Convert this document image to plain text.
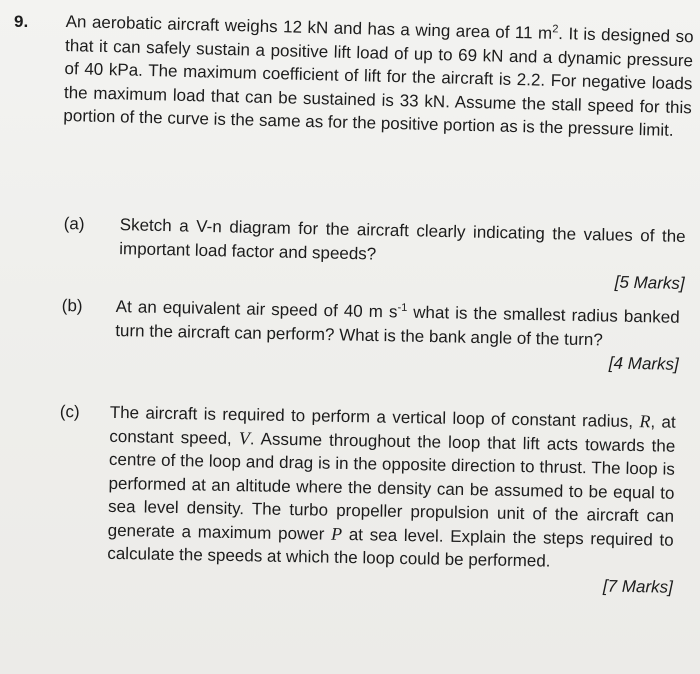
9. An aerobatic aircraft weighs 12 kN and has a wing area of 11 $m^2$. It is designed so that it can safely sustain a positive lift load of up to 69 kN and a dynamic pressure of 40 kPa. The maximum coefficient of lift for the aircraft is 2.2. For negative loads the maximum load that can be sustained is 33 kN. Assume the stall speed for this portion of the curve is the same as for the positive portion as is the pressure limit.
(a) Sketch a V-n diagram for the aircraft clearly indicating the values of the important load factor and speeds?
[5 Marks]
(b) At an equivalent air speed of 40 m $s^{-1}$ what is the smallest radius banked turn the aircraft can perform? What is the bank angle of the turn?
[4 Marks]
(c) The aircraft is required to perform a vertical loop of constant radius, R, at constant speed, V. Assume throughout the loop that lift acts towards the centre of the loop and drag is in the opposite direction to thrust. The loop is performed at an altitude where the density can be assumed to be equal to sea level density. The turbo propeller propulsion unit of the aircraft can generate a maximum power P at sea level. Explain the steps required to calculate the speeds at which the loop could be performed.
[7 Marks]
